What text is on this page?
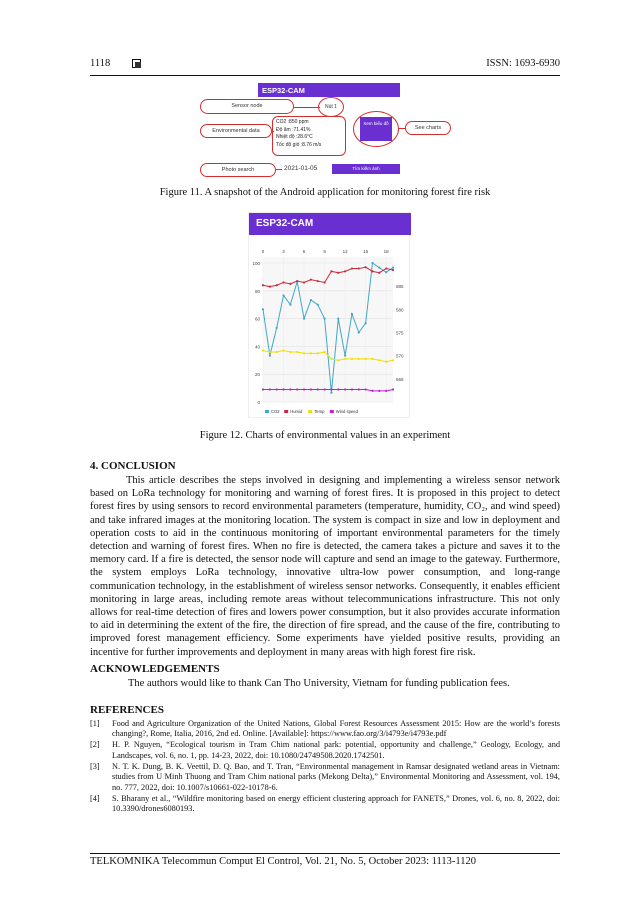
1118	ISSN: 1693-6930
ESP32-CAM
Sensor node	Nút 1
Environmental data
CO2 :850 ppm
Độ ẩm :71.41%
Nhiệt độ :28.6°C
Tốc độ gió :8.76 m/s
Xem biểu đồ
See charts
Photo search	2021-01-05	Tìm kiếm ảnh
Figure 11. A snapshot of the Android application for monitoring forest fire risk
ESP32-CAM
0
20
40
60
80
100
565
570
575
580
585
0	3	6	9	12	15	18
CO2	Humid	Temp	Wind speed
Figure 12. Charts of environmental values in an experiment
4. CONCLUSION
This article describes the steps involved in designing and implementing a wireless sensor network based on LoRa technology for monitoring and warning of forest fires. It is proposed in this project to detect forest fires by using sensors to record environmental parameters (temperature, humidity, CO₂, and wind speed) and take infrared images at the monitoring location. The system is compact in size and low in deployment and operation costs to aid in the continuous monitoring of important environmental parameters for the timely detection and warning of forest fires. When no fire is detected, the camera takes a picture and saves it to the memory card. If a fire is detected, the sensor node will capture and send an image to the gateway. Furthermore, the system employs LoRa technology, innovative ultra-low power consumption, and long-range communication technology, in the establishment of wireless sensor networks. Consequently, it enables efficient monitoring in large areas, including remote areas without telecommunications infrastructure. This not only allows for real-time detection of fires and lowers power consumption, but it also provides accurate information to aid in determining the extent of the fire, the direction of fire spread, and the cause of the fire, contributing to improved forest management efficiency. Some experiments have yielded positive results, providing an incentive for further improvements and deployment in many areas with high forest fire risk.
ACKNOWLEDGEMENTS
The authors would like to thank Can Tho University, Vietnam for funding publication fees.
REFERENCES
[1] Food and Agriculture Organization of the United Nations, Global Forest Resources Assessment 2015: How are the world’s forests changing?, Rome, Italia, 2016, 2nd ed. Online. [Available]: https://www.fao.org/3/i4793e/i4793e.pdf
[2] H. P. Nguyen, “Ecological tourism in Tram Chim national park: potential, opportunity and challenge,” Geology, Ecology, and Landscapes, vol. 6, no. 1, pp. 14-23, 2022, doi: 10.1080/24749508.2020.1742501.
[3] N. T. K. Dung, B. K. Veettil, D. Q. Bao, and T. Tran, “Environmental management in Ramsar designated wetland areas in Vietnam: studies from U Minh Thuong and Tram Chim national parks (Mekong Delta),” Environmental Monitoring and Assessment, vol. 194, no. 777, 2022, doi: 10.1007/s10661-022-10178-6.
[4] S. Bharany et al., “Wildfire monitoring based on energy efficient clustering approach for FANETS,” Drones, vol. 6, no. 8, 2022, doi: 10.3390/drones6080193.
TELKOMNIKA Telecommun Comput El Control, Vol. 21, No. 5, October 2023: 1113-1120
